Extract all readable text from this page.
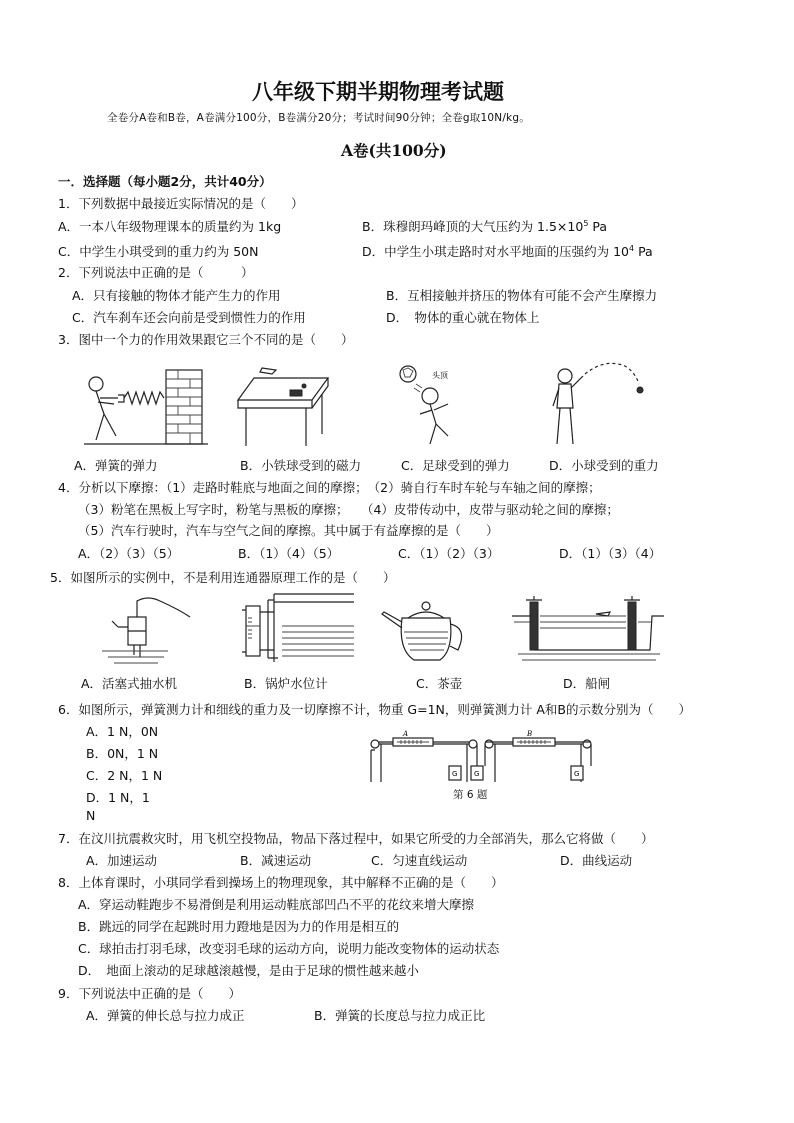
八年级下期半期物理考试题
全卷分A卷和B卷，A卷满分100分，B卷满分20分；考试时间90分钟；全卷g取10N/kg。
A卷(共100分)
一．选择题（每小题2分，共计40分）
1．下列数据中最接近实际情况的是（　　）
A．一本八年级物理课本的质量约为 1kg	B．珠穆朗玛峰顶的大气压约为 $1.5\times 10^5$ Pa
C．中学生小琪受到的重力约为 50N	D．中学生小琪走路时对水平地面的压强约为 $10^4$ Pa
2．下列说法中正确的是（　　　）
A．只有接触的物体才能产生力的作用	B．互相接触并挤压的物体有可能不会产生摩擦力
C．汽车刹车还会向前是受到惯性力的作用	D．　物体的重心就在物体上
3．图中一个力的作用效果跟它三个不同的是（　　）
头顶
A．弹簧的弹力	B．小铁球受到的磁力	C．足球受到的弹力	D．小球受到的重力
4．分析以下摩擦：（1）走路时鞋底与地面之间的摩擦；　（2）骑自行车时车轮与车轴之间的摩擦；
（3）粉笔在黑板上写字时，粉笔与黑板的摩擦；　　（4）皮带传动中，皮带与驱动轮之间的摩擦；
（5）汽车行驶时，汽车与空气之间的摩擦。其中属于有益摩擦的是（　　）
A．（2）（3）（5）	B．（1）（4）（5）	C．（1）（2）（3）	D．（1）（3）（4）
5．如图所示的实例中，不是利用连通器原理工作的是（　　）
A．活塞式抽水机	B．锅炉水位计	C．茶壶	D．船闸
6．如图所示，弹簧测力计和细线的重力及一切摩擦不计，物重 G=1N，则弹簧测力计 A和B的示数分别为（　　）
A．1 N，0N
B．0N，1 N
C．2 N，1 N
D．1 N，1
N
A
G G
B
G
第 6 题
7．在汶川抗震救灾时，用飞机空投物品，物品下落过程中，如果它所受的力全部消失，那么它将做（　　）
A．加速运动	B．减速运动	C．匀速直线运动	D．曲线运动
8．上体育课时，小琪同学看到操场上的物理现象，其中解释不正确的是（　　）
A．穿运动鞋跑步不易滑倒是利用运动鞋底部凹凸不平的花纹来增大摩擦
B．跳远的同学在起跳时用力蹬地是因为力的作用是相互的
C．球拍击打羽毛球，改变羽毛球的运动方向，说明力能改变物体的运动状态
D．　地面上滚动的足球越滚越慢，是由于足球的惯性越来越小
9．下列说法中正确的是（　　）
A．弹簧的伸长总与拉力成正	B．弹簧的长度总与拉力成正比
